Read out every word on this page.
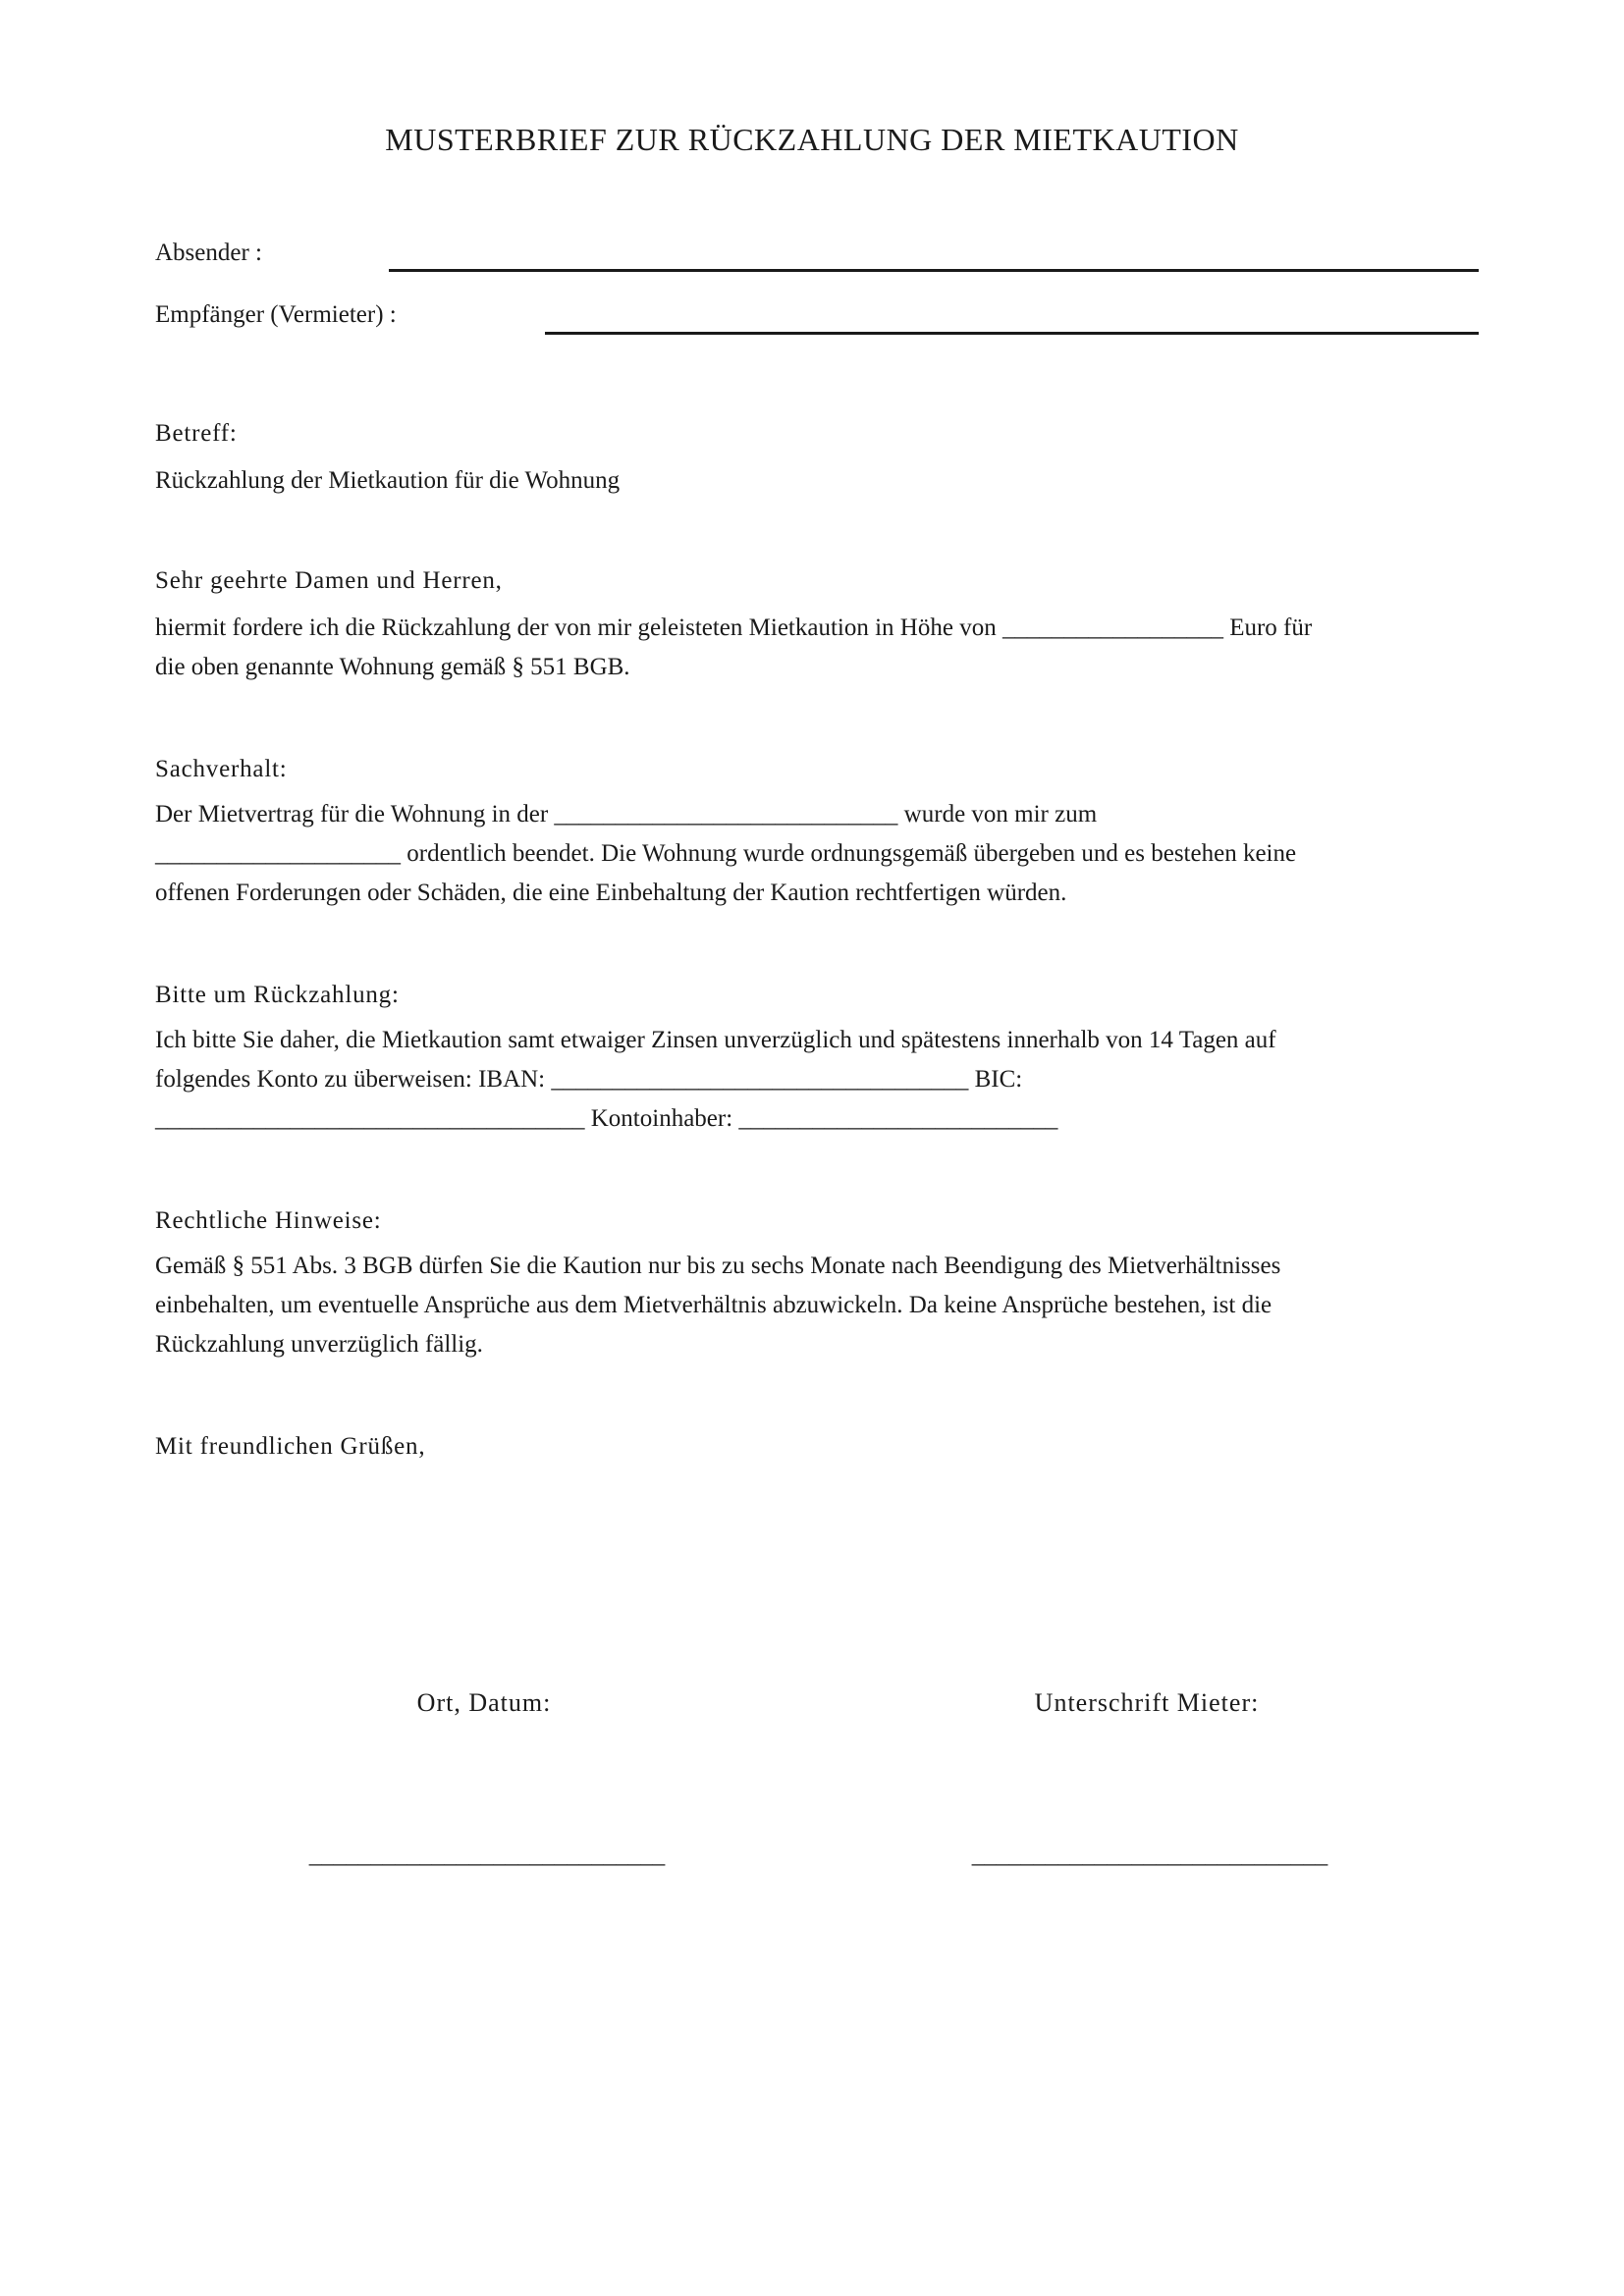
MUSTERBRIEF ZUR RÜCKZAHLUNG DER MIETKAUTION
Absender :
Empfänger (Vermieter) :
Betreff:
Rückzahlung der Mietkaution für die Wohnung
Sehr geehrte Damen und Herren,
hiermit fordere ich die Rückzahlung der von mir geleisteten Mietkaution in Höhe von __________________ Euro für
die oben genannte Wohnung gemäß § 551 BGB.
Sachverhalt:
Der Mietvertrag für die Wohnung in der ____________________________ wurde von mir zum
____________________ ordentlich beendet. Die Wohnung wurde ordnungsgemäß übergeben und es bestehen keine
offenen Forderungen oder Schäden, die eine Einbehaltung der Kaution rechtfertigen würden.
Bitte um Rückzahlung:
Ich bitte Sie daher, die Mietkaution samt etwaiger Zinsen unverzüglich und spätestens innerhalb von 14 Tagen auf
folgendes Konto zu überweisen: IBAN: __________________________________ BIC:
___________________________________ Kontoinhaber: __________________________
Rechtliche Hinweise:
Gemäß § 551 Abs. 3 BGB dürfen Sie die Kaution nur bis zu sechs Monate nach Beendigung des Mietverhältnisses
einbehalten, um eventuelle Ansprüche aus dem Mietverhältnis abzuwickeln. Da keine Ansprüche bestehen, ist die
Rückzahlung unverzüglich fällig.
Mit freundlichen Grüßen,
Ort, Datum:	Unterschrift Mieter:
_____________________________	_____________________________
